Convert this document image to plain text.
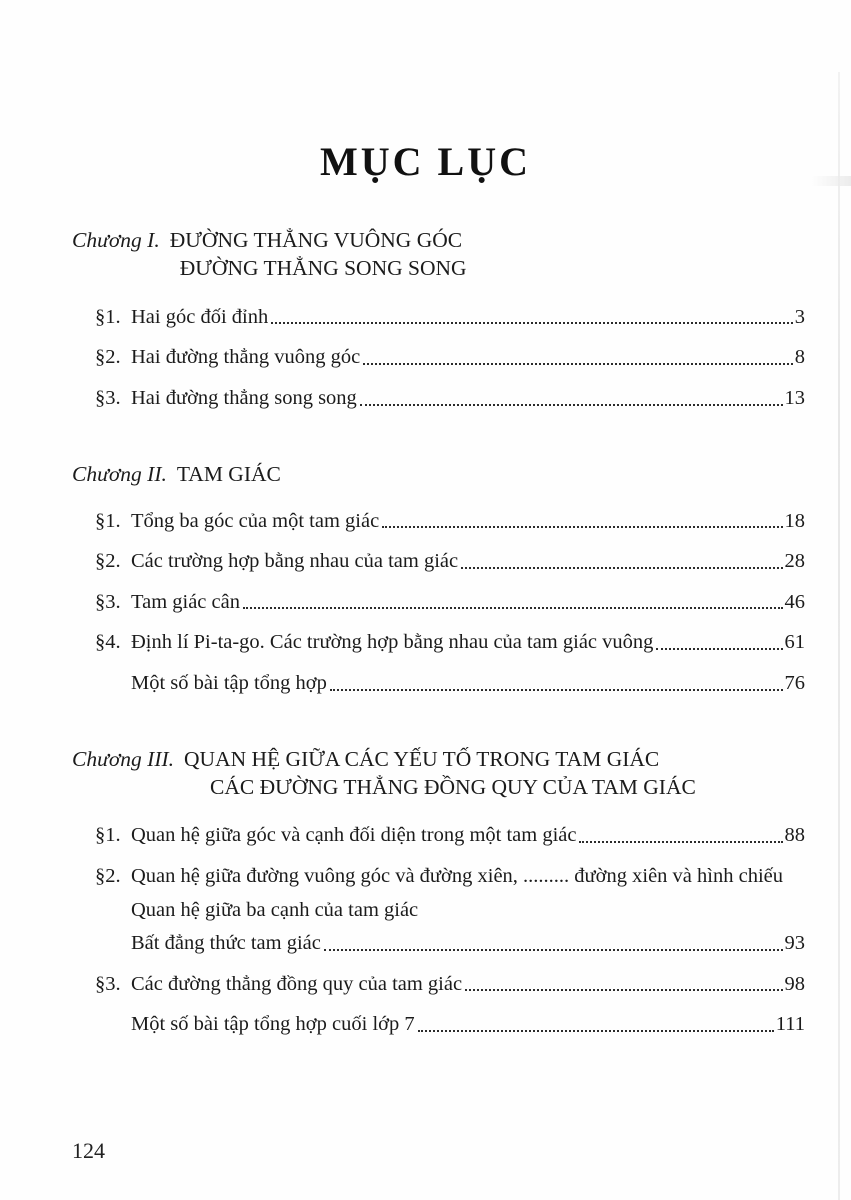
MỤC LỤC
Chương I. ĐƯỜNG THẲNG VUÔNG GÓC
ĐƯỜNG THẲNG SONG SONG
§1. Hai góc đối đỉnh	3
§2. Hai đường thẳng vuông góc	8
§3. Hai đường thẳng song song	13
Chương II. TAM GIÁC
§1. Tổng ba góc của một tam giác	18
§2. Các trường hợp bằng nhau của tam giác	28
§3. Tam giác cân	46
§4. Định lí Pi-ta-go. Các trường hợp bằng nhau của tam giác vuông	61
Một số bài tập tổng hợp	76
Chương III. QUAN HỆ GIỮA CÁC YẾU TỐ TRONG TAM GIÁC
CÁC ĐƯỜNG THẲNG ĐỒNG QUY CỦA TAM GIÁC
§1. Quan hệ giữa góc và cạnh đối diện trong một tam giác	88
§2. Quan hệ giữa đường vuông góc và đường xiên, ......... đường xiên và hình chiếu
Quan hệ giữa ba cạnh của tam giác
Bất đẳng thức tam giác	93
§3. Các đường thẳng đồng quy của tam giác	98
Một số bài tập tổng hợp cuối lớp 7	111
124
